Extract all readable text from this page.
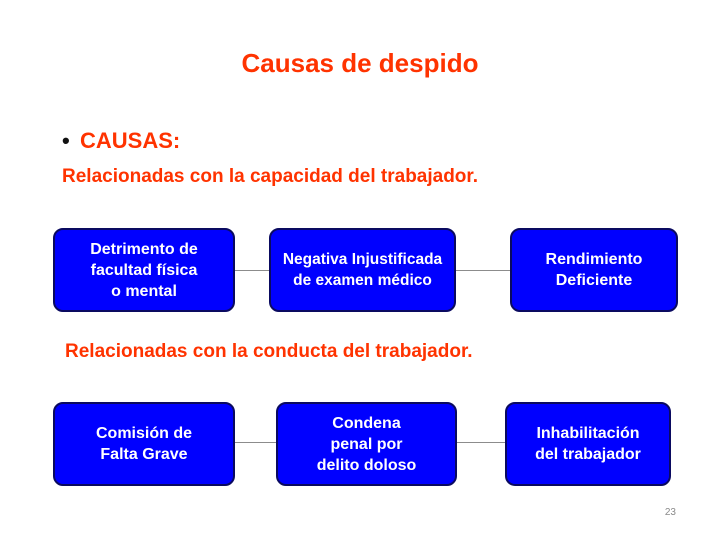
Causas de despido
• CAUSAS:
Relacionadas con la capacidad del trabajador.
Detrimento de
facultad física
o mental
Negativa Injustificada
de examen médico
Rendimiento
Deficiente
Relacionadas con la conducta del trabajador.
Comisión de
Falta Grave
Condena
penal por
delito doloso
Inhabilitación
del trabajador
23
